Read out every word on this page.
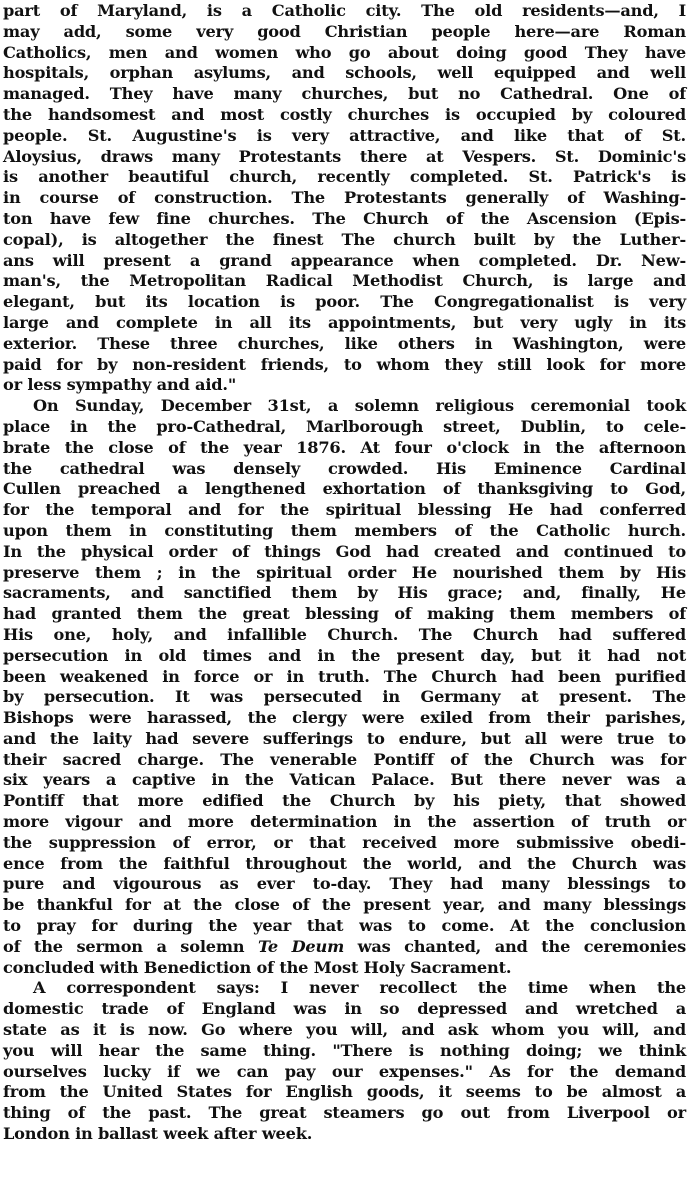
part of Maryland, is a Catholic city. The old residents—and, I
may add, some very good Christian people here—are Roman
Catholics, men and women who go about doing good They have
hospitals, orphan asylums, and schools, well equipped and well
managed. They have many churches, but no Cathedral. One of
the handsomest and most costly churches is occupied by coloured
people. St. Augustine's is very attractive, and like that of St.
Aloysius, draws many Protestants there at Vespers. St. Dominic's
is another beautiful church, recently completed. St. Patrick's is
in course of construction. The Protestants generally of Washing-
ton have few fine churches. The Church of the Ascension (Epis-
copal), is altogether the finest The church built by the Luther-
ans will present a grand appearance when completed. Dr. New-
man's, the Metropolitan Radical Methodist Church, is large and
elegant, but its location is poor. The Congregationalist is very
large and complete in all its appointments, but very ugly in its
exterior. These three churches, like others in Washington, were
paid for by non-resident friends, to whom they still look for more
or less sympathy and aid."
On Sunday, December 31st, a solemn religious ceremonial took
place in the pro-Cathedral, Marlborough street, Dublin, to cele-
brate the close of the year 1876. At four o'clock in the afternoon
the cathedral was densely crowded. His Eminence Cardinal
Cullen preached a lengthened exhortation of thanksgiving to God,
for the temporal and for the spiritual blessing He had conferred
upon them in constituting them members of the Catholic hurch.
In the physical order of things God had created and continued to
preserve them ; in the spiritual order He nourished them by His
sacraments, and sanctified them by His grace; and, finally, He
had granted them the great blessing of making them members of
His one, holy, and infallible Church. The Church had suffered
persecution in old times and in the present day, but it had not
been weakened in force or in truth. The Church had been purified
by persecution. It was persecuted in Germany at present. The
Bishops were harassed, the clergy were exiled from their parishes,
and the laity had severe sufferings to endure, but all were true to
their sacred charge. The venerable Pontiff of the Church was for
six years a captive in the Vatican Palace. But there never was a
Pontiff that more edified the Church by his piety, that showed
more vigour and more determination in the assertion of truth or
the suppression of error, or that received more submissive obedi-
ence from the faithful throughout the world, and the Church was
pure and vigourous as ever to-day. They had many blessings to
be thankful for at the close of the present year, and many blessings
to pray for during the year that was to come. At the conclusion
of the sermon a solemn Te Deum was chanted, and the ceremonies
concluded with Benediction of the Most Holy Sacrament.
A correspondent says: I never recollect the time when the
domestic trade of England was in so depressed and wretched a
state as it is now. Go where you will, and ask whom you will, and
you will hear the same thing. "There is nothing doing; we think
ourselves lucky if we can pay our expenses." As for the demand
from the United States for English goods, it seems to be almost a
thing of the past. The great steamers go out from Liverpool or
London in ballast week after week.
